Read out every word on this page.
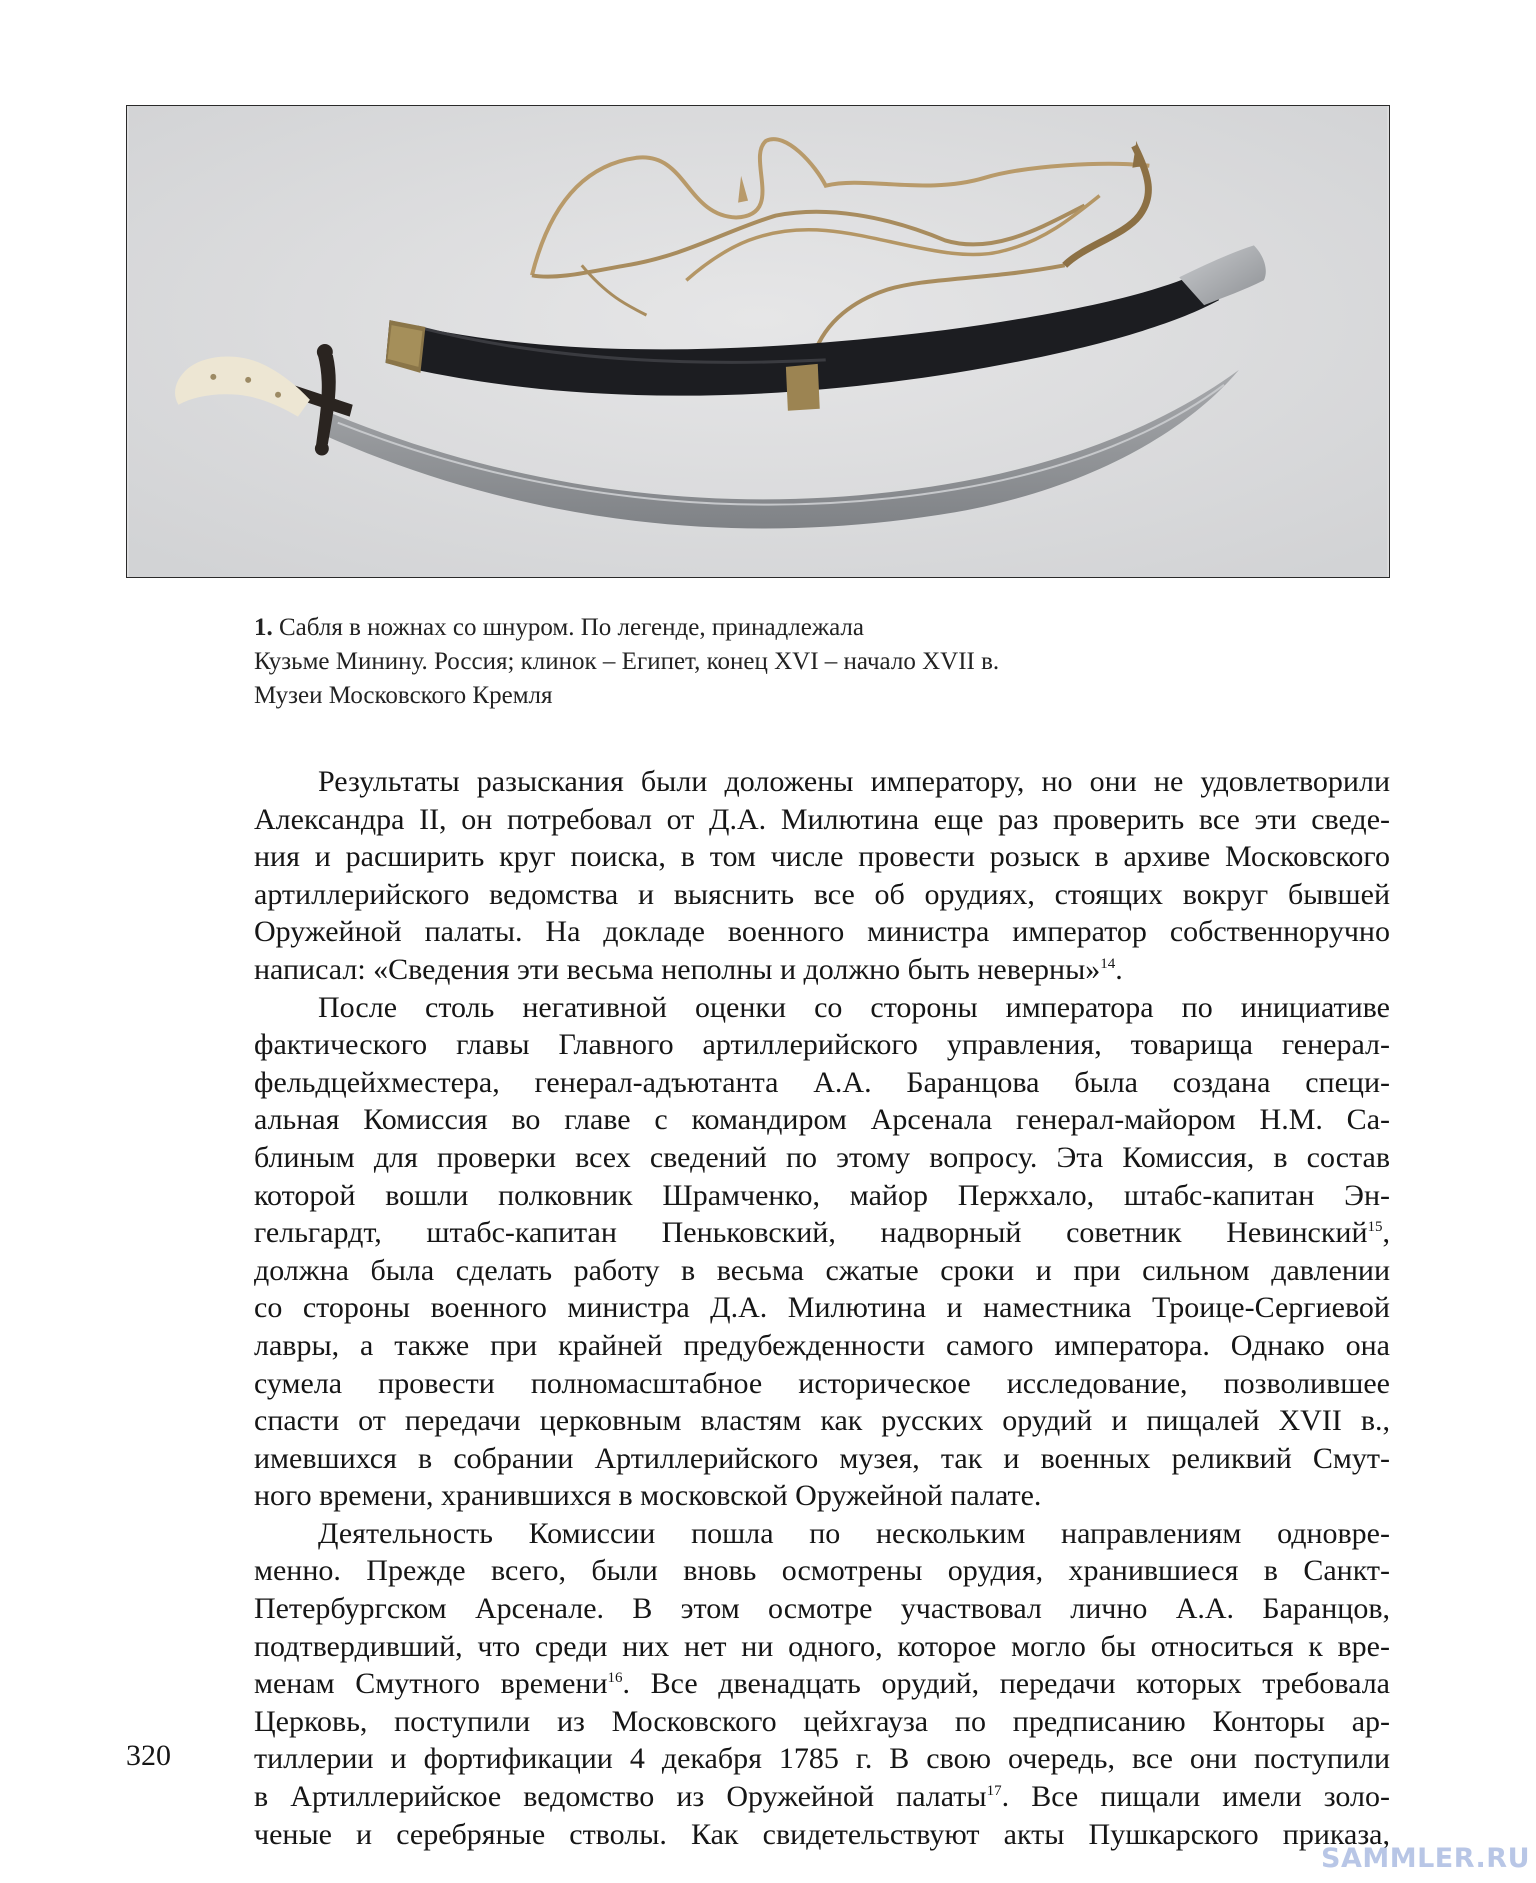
1. Сабля в ножнах со шнуром. По легенде, принадлежала
Кузьме Минину. Россия; клинок – Египет, конец XVI – начало XVII в.
Музеи Московского Кремля
Результаты разыскания были доложены императору, но они не удовлетворили
Александра II, он потребовал от Д.А. Милютина еще раз проверить все эти сведе-
ния и расширить круг поиска, в том числе провести розыск в архиве Московского
артиллерийского ведомства и выяснить все об орудиях, стоящих вокруг бывшей
Оружейной палаты. На докладе военного министра император собственноручно
написал: «Сведения эти весьма неполны и должно быть неверны»$^{14}$.
После столь негативной оценки со стороны императора по инициативе
фактического главы Главного артиллерийского управления, товарища генерал-
фельдцейхместера, генерал-адъютанта А.А. Баранцова была создана специ-
альная Комиссия во главе с командиром Арсенала генерал-майором Н.М. Са-
блиным для проверки всех сведений по этому вопросу. Эта Комиссия, в состав
которой вошли полковник Шрамченко, майор Пержхало, штабс-капитан Эн-
гельгардт, штабс-капитан Пеньковский, надворный советник Невинский$^{15}$,
должна была сделать работу в весьма сжатые сроки и при сильном давлении
со стороны военного министра Д.А. Милютина и наместника Троице-Сергиевой
лавры, а также при крайней предубежденности самого императора. Однако она
сумела провести полномасштабное историческое исследование, позволившее
спасти от передачи церковным властям как русских орудий и пищалей XVII в.,
имевшихся в собрании Артиллерийского музея, так и военных реликвий Смут-
ного времени, хранившихся в московской Оружейной палате.
Деятельность Комиссии пошла по нескольким направлениям одновре-
менно. Прежде всего, были вновь осмотрены орудия, хранившиеся в Санкт-
Петербургском Арсенале. В этом осмотре участвовал лично А.А. Баранцов,
подтвердивший, что среди них нет ни одного, которое могло бы относиться к вре-
менам Смутного времени$^{16}$. Все двенадцать орудий, передачи которых требовала
Церковь, поступили из Московского цейхгауза по предписанию Конторы ар-
тиллерии и фортификации 4 декабря 1785 г. В свою очередь, все они поступили
в Артиллерийское ведомство из Оружейной палаты$^{17}$. Все пищали имели золо-
ченые и серебряные стволы. Как свидетельствуют акты Пушкарского приказа,
320
SAMMLER.RU
